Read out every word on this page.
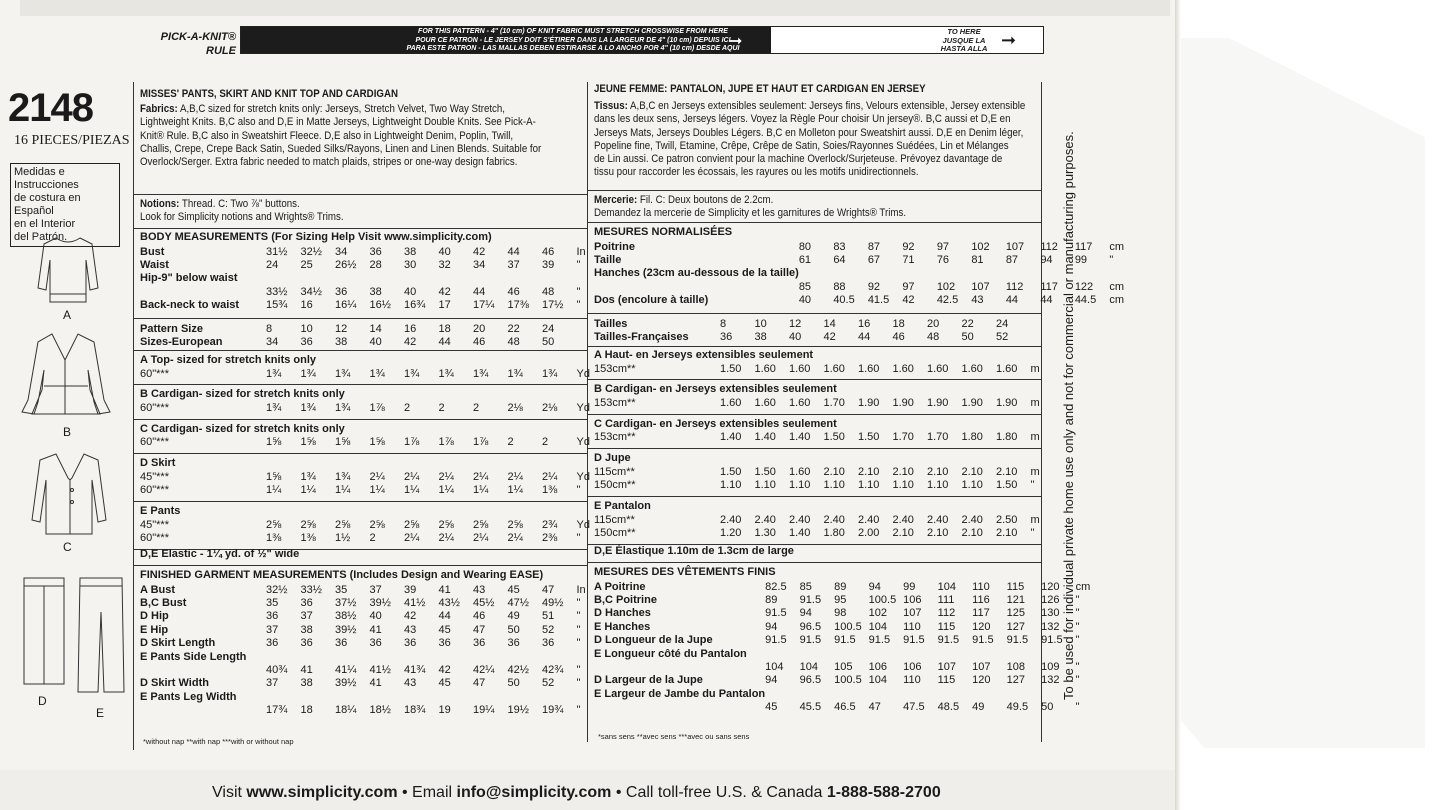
PICK-A-KNIT®
RULE
FOR THIS PATTERN - 4" (10 cm) OF KNIT FABRIC MUST STRETCH CROSSWISE FROM HERE
POUR CE PATRON - LE JERSEY DOIT S'ÉTIRER DANS LA LARGEUR DE 4" (10 cm) DEPUIS ICI
PARA ESTE PATRON - LAS MALLAS DEBEN ESTIRARSE A LO ANCHO POR 4" (10 cm) DESDE AQUI
➞
TO HERE
JUSQUE LA
HASTA ALLA ➞
2148
16 PIECES/PIEZAS
Medidas e Instrucciones
de costura en Español
en el Interior
del Patrón.
A
B
C
D
E
MISSES' PANTS, SKIRT AND KNIT TOP AND CARDIGAN
Fabrics: A,B,C sized for stretch knits only: Jerseys, Stretch Velvet, Two Way Stretch,
Lightweight Knits. B,C also and D,E in Matte Jerseys, Lightweight Double Knits. See Pick-A-
Knit® Rule. B,C also in Sweatshirt Fleece. D,E also in Lightweight Denim, Poplin, Twill,
Challis, Crepe, Crepe Back Satin, Sueded Silks/Rayons, Linen and Linen Blends. Suitable for
Overlock/Serger. Extra fabric needed to match plaids, stripes or one-way design fabrics.
Notions: Thread. C: Two ⅞" buttons.
Look for Simplicity notions and Wrights® Trims.
BODY MEASUREMENTS (For Sizing Help Visit www.simplicity.com)
Bust	31½	32½	34	36	38	40	42	44	46	In
Waist	24	25	26½	28	30	32	34	37	39	"
Hip-9" below waist										
	33½	34½	36	38	40	42	44	46	48	"
Back-neck to waist	15¾	16	16¼	16½	16¾	17	17¼	17⅜	17½	"
Pattern Size	8	10	12	14	16	18	20	22	24
Sizes-European	34	36	38	40	42	44	46	48	50
A Top- sized for stretch knits only
60"***	1¾	1¾	1¾	1¾	1¾	1¾	1¾	1¾	1¾	Yd
B Cardigan- sized for stretch knits only
60"***	1¾	1¾	1¾	1⅞	2	2	2	2⅛	2⅛	Yd
C Cardigan- sized for stretch knits only
60"***	1⅝	1⅝	1⅝	1⅝	1⅞	1⅞	1⅞	2	2	Yd
D Skirt
45"***	1⅝	1¾	1¾	2¼	2¼	2¼	2¼	2¼	2¼	Yd
60"***	1¼	1¼	1¼	1¼	1¼	1¼	1¼	1¼	1⅜	"
E Pants
45"***	2⅝	2⅝	2⅝	2⅝	2⅝	2⅝	2⅝	2⅝	2¾	Yd
60"***	1⅜	1⅜	1½	2	2¼	2¼	2¼	2¼	2⅜	"
D,E Elastic - 1¼ yd. of ½" wide
FINISHED GARMENT MEASUREMENTS (Includes Design and Wearing EASE)
A Bust	32½	33½	35	37	39	41	43	45	47	In
B,C Bust	35	36	37½	39½	41½	43½	45½	47½	49½	"
D Hip	36	37	38½	40	42	44	46	49	51	"
E Hip	37	38	39½	41	43	45	47	50	52	"
D Skirt Length	36	36	36	36	36	36	36	36	36	"
E Pants Side Length										
	40¾	41	41¼	41½	41¾	42	42¼	42½	42¾	"
D Skirt Width	37	38	39½	41	43	45	47	50	52	"
E Pants Leg Width										
	17¾	18	18¼	18½	18¾	19	19¼	19½	19¾	"
*without nap **with nap ***with or without nap
JEUNE FEMME: PANTALON, JUPE ET HAUT ET CARDIGAN EN JERSEY
Tissus: A,B,C en Jerseys extensibles seulement: Jerseys fins, Velours extensible, Jersey extensible
dans les deux sens, Jerseys légers. Voyez la Règle Pour choisir Un jersey®. B,C aussi et D,E en
Jerseys Mats, Jerseys Doubles Légers. B,C en Molleton pour Sweatshirt aussi. D,E en Denim léger,
Popeline fine, Twill, Etamine, Crêpe, Crêpe de Satin, Soies/Rayonnes Suédées, Lin et Mélanges
de Lin aussi. Ce patron convient pour la machine Overlock/Surjeteuse. Prévoyez davantage de
tissu pour raccorder les écossais, les rayures ou les motifs unidirectionnels.
Mercerie: Fil. C: Deux boutons de 2.2cm.
Demandez la mercerie de Simplicity et les garnitures de Wrights® Trims.
MESURES NORMALISÉES
Poitrine	80	83	87	92	97	102	107	112	117	cm
Taille	61	64	67	71	76	81	87	94	99	"
Hanches (23cm au-dessous de la taille)										
	85	88	92	97	102	107	112	117	122	cm
Dos (encolure à taille)	40	40.5	41.5	42	42.5	43	44	44	44.5	cm
Tailles	8	10	12	14	16	18	20	22	24
Tailles-Françaises	36	38	40	42	44	46	48	50	52
A Haut- en Jerseys extensibles seulement
153cm**	1.50	1.60	1.60	1.60	1.60	1.60	1.60	1.60	1.60	m
B Cardigan- en Jerseys extensibles seulement
153cm**	1.60	1.60	1.60	1.70	1.90	1.90	1.90	1.90	1.90	m
C Cardigan- en Jerseys extensibles seulement
153cm**	1.40	1.40	1.40	1.50	1.50	1.70	1.70	1.80	1.80	m
D Jupe
115cm**	1.50	1.50	1.60	2.10	2.10	2.10	2.10	2.10	2.10	m
150cm**	1.10	1.10	1.10	1.10	1.10	1.10	1.10	1.10	1.50	"
E Pantalon
115cm**	2.40	2.40	2.40	2.40	2.40	2.40	2.40	2.40	2.50	m
150cm**	1.20	1.30	1.40	1.80	2.00	2.10	2.10	2.10	2.10	"
D,E Élastique 1.10m de 1.3cm de large
MESURES DES VÊTEMENTS FINIS
A Poitrine	82.5	85	89	94	99	104	110	115	120	cm
B,C Poitrine	89	91.5	95	100.5	106	111	116	121	126	"
D Hanches	91.5	94	98	102	107	112	117	125	130	"
E Hanches	94	96.5	100.5	104	110	115	120	127	132	"
D Longueur de la Jupe	91.5	91.5	91.5	91.5	91.5	91.5	91.5	91.5	91.5	"
E Longueur côté du Pantalon										
	104	104	105	106	106	107	107	108	109	"
D Largeur de la Jupe	94	96.5	100.5	104	110	115	120	127	132	"
E Largeur de Jambe du Pantalon										
	45	45.5	46.5	47	47.5	48.5	49	49.5	50	"
*sans sens **avec sens ***avec ou sans sens
To be used for individual private home use only and not for commercial or manufacturing purposes.
Visit www.simplicity.com • Email info@simplicity.com • Call toll-free U.S. & Canada 1-888-588-2700
